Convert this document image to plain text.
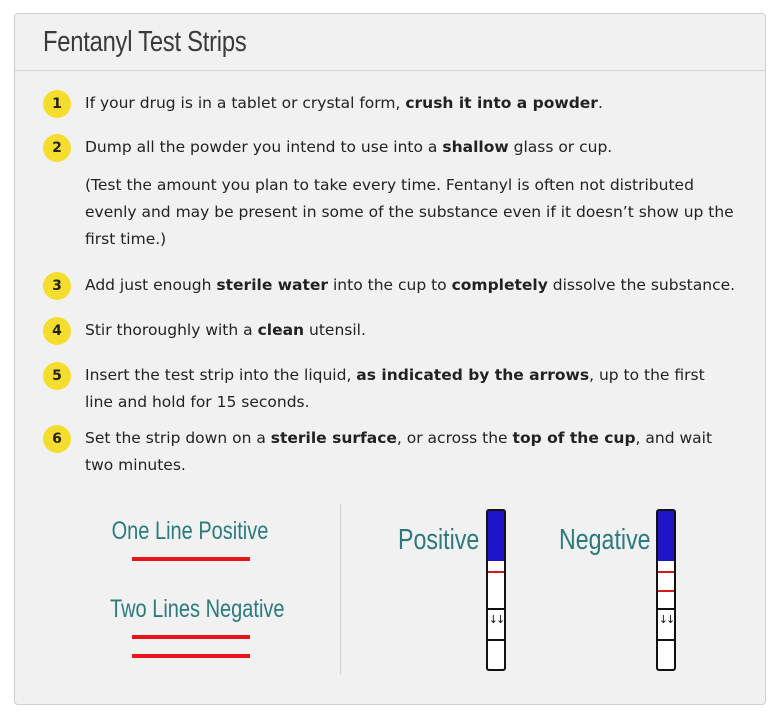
Fentanyl Test Strips
1	If your drug is in a tablet or crystal form, crush it into a powder.
2	Dump all the powder you intend to use into a shallow glass or cup.
(Test the amount you plan to take every time. Fentanyl is often not distributed evenly and may be present in some of the substance even if it doesn’t show up the first time.)
3	Add just enough sterile water into the cup to completely dissolve the substance.
4	Stir thoroughly with a clean utensil.
5	Insert the test strip into the liquid, as indicated by the arrows, up to the first
line and hold for 15 seconds.
6	Set the strip down on a sterile surface, or across the top of the cup, and wait
two minutes.
One Line Positive
Two Lines Negative
Positive
↓↓
Negative
↓↓
